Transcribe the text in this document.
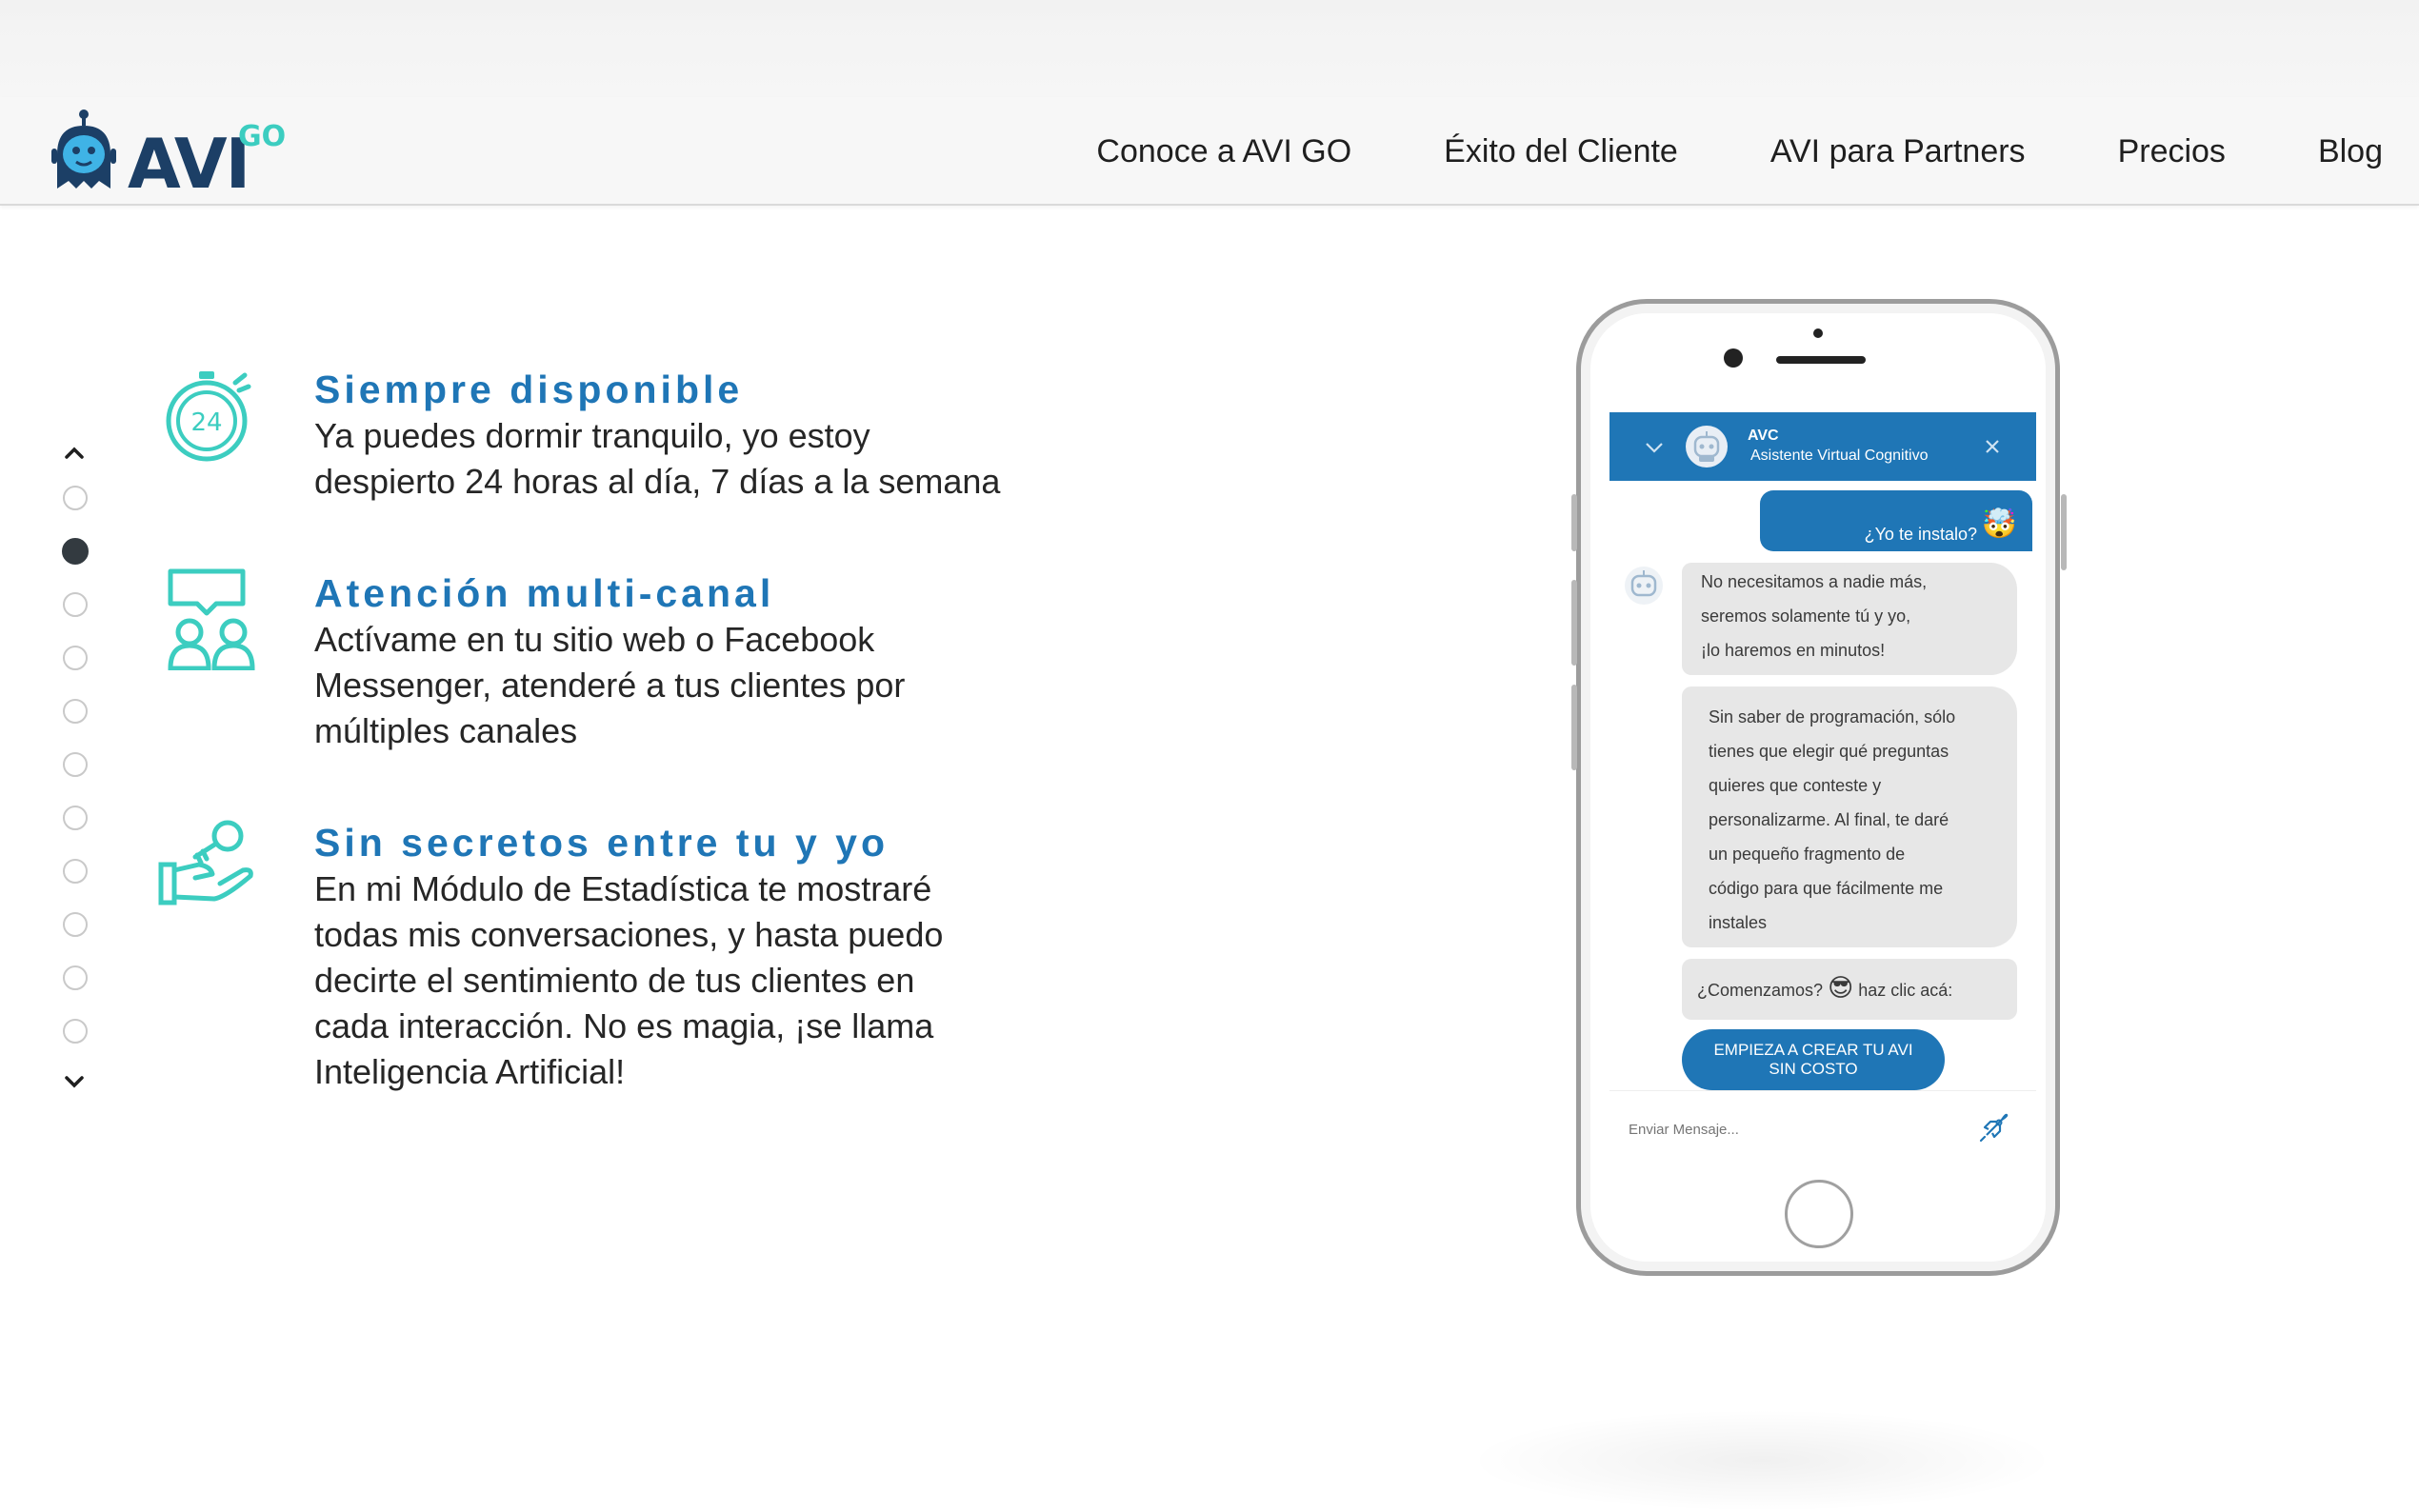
AVI
GO	Conoce a AVI GO	Éxito del Cliente	AVI para Partners	Precios	Blog
24
Siempre disponible
Ya puedes dormir tranquilo, yo estoy
despierto 24 horas al día, 7 días a la semana
Atención multi-canal
Actívame en tu sitio web o Facebook
Messenger, atenderé a tus clientes por
múltiples canales
Sin secretos entre tu y yo
En mi Módulo de Estadística te mostraré
todas mis conversaciones, y hasta puedo
decirte el sentimiento de tus clientes en
cada interacción. No es magia, ¡se llama
Inteligencia Artificial!
AVC
Asistente Virtual Cognitivo
¿Yo te instalo? 🤯
No necesitamos a nadie más,
seremos solamente tú y yo,
¡lo haremos en minutos!
Sin saber de programación, sólo
tienes que elegir qué preguntas
quieres que conteste y
personalizarme. Al final, te daré
un pequeño fragmento de
código para que fácilmente me
instales
¿Comenzamos? 😎 haz clic acá:
EMPIEZA A CREAR TU AVI
SIN COSTO
Enviar Mensaje...
